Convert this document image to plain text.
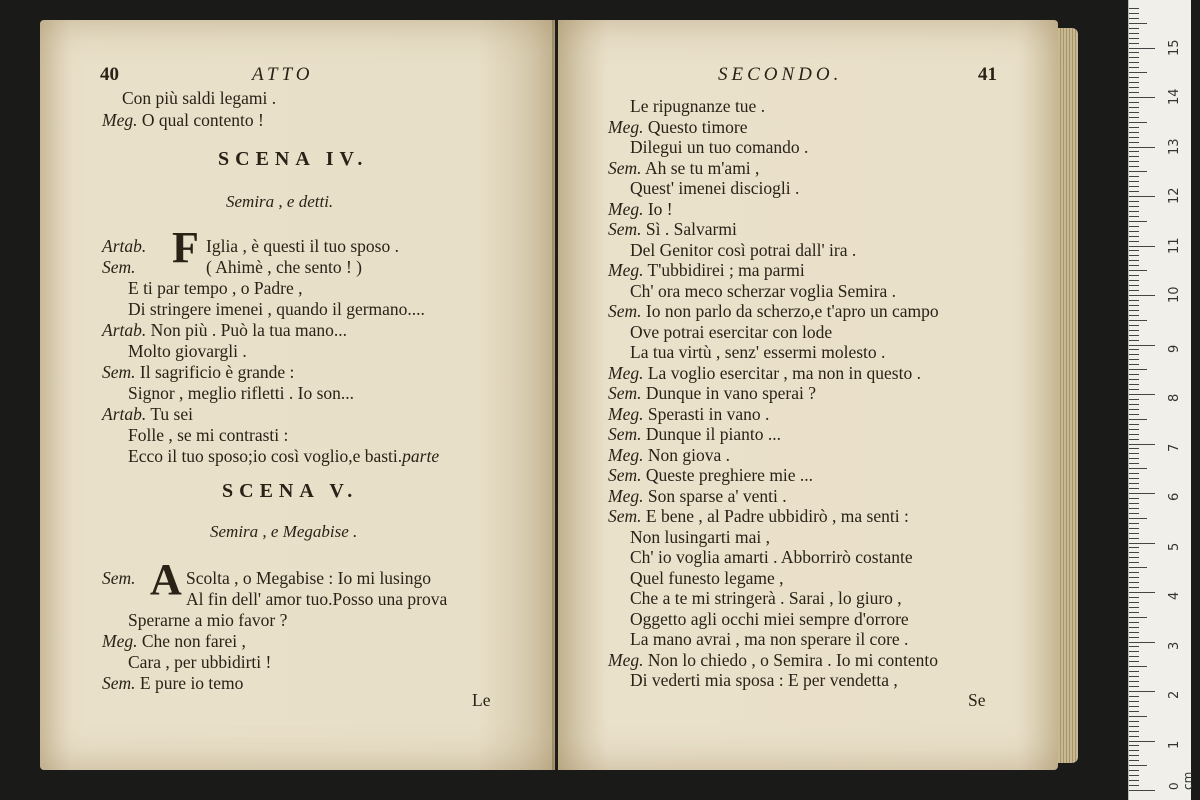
40	ATTO
Con più saldi legami .
Meg. O qual contento !
SCENA IV.
Semira , e detti.
F
Artab.	Iglia , è questi il tuo sposo .
Sem.	( Ahimè , che sento ! )
E ti par tempo , o Padre ,
Di stringere imenei , quando il germano....
Artab. Non più . Può la tua mano...
Molto giovargli .
Sem. Il sagrificio è grande :
Signor , meglio rifletti . Io son...
Artab. Tu sei
Folle , se mi contrasti :
Ecco il tuo sposo;io così voglio,e basti.parte
SCENA V.
Semira , e Megabise .
A
Sem.	Scolta , o Megabise : Io mi lusingo
Al fin dell' amor tuo.Posso una prova
Sperarne a mio favor ?
Meg. Che non farei ,
Cara , per ubbidirti !
Sem. E pure io temo
Le
SECONDO.	41
Le ripugnanze tue .
Meg. Questo timore
Dilegui un tuo comando .
Sem. Ah se tu m'ami ,
Quest' imenei disciogli .
Meg. Io !
Sem. Sì . Salvarmi
Del Genitor così potrai dall' ira .
Meg. T'ubbidirei ; ma parmi
Ch' ora meco scherzar voglia Semira .
Sem. Io non parlo da scherzo,e t'apro un campo
Ove potrai esercitar con lode
La tua virtù , senz' essermi molesto .
Meg. La voglio esercitar , ma non in questo .
Sem. Dunque in vano sperai ?
Meg. Sperasti in vano .
Sem. Dunque il pianto ...
Meg. Non giova .
Sem. Queste preghiere mie ...
Meg. Son sparse a' venti .
Sem. E bene , al Padre ubbidirò , ma senti :
Non lusingarti mai ,
Ch' io voglia amarti . Abborrirò costante
Quel funesto legame ,
Che a te mi stringerà . Sarai , lo giuro ,
Oggetto agli occhi miei sempre d'orrore
La mano avrai , ma non sperare il core .
Meg. Non lo chiedo , o Semira . Io mi contento
Di vederti mia sposa : E per vendetta ,
Se
1
2
3
4
5
6
7
8
9
10
11
12
13
14
15
0 cm
